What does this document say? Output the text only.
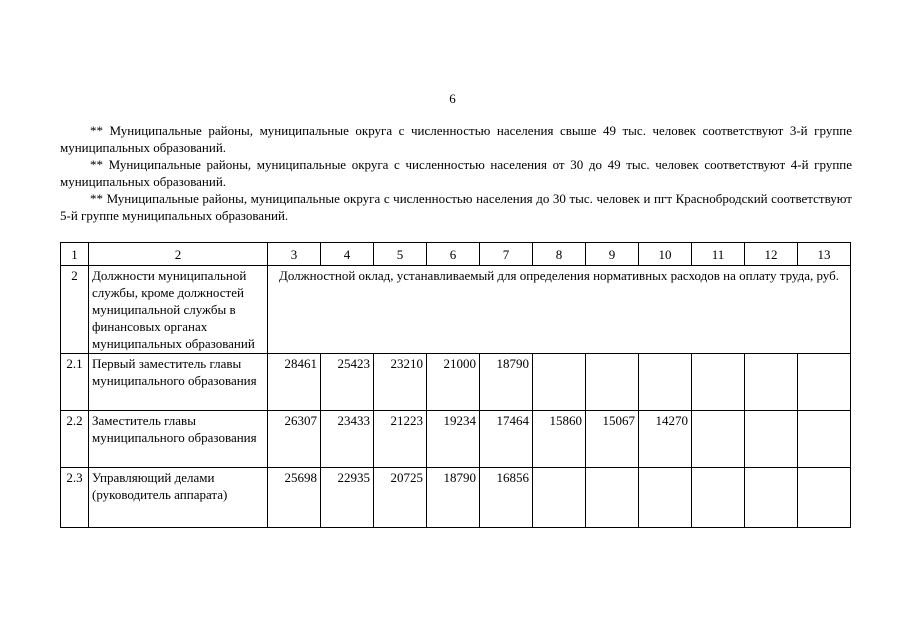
6

** Муниципальные районы, муниципальные округа с численностью населения свыше 49 тыс. человек соответствуют 3-й группе муниципальных образований.

** Муниципальные районы, муниципальные округа с численностью населения от 30 до 49 тыс. человек соответствуют 4-й группе муниципальных образований.

** Муниципальные районы, муниципальные округа с численностью населения до 30 тыс. человек и пгт Краснобродский соответствуют 5-й группе муниципальных образований.

1	2	3	4	5	6	7	8	9	10	11	12	13
2	Должности муниципальной службы, кроме должностей муниципальной службы в финансовых органах муниципальных образований	Должностной оклад, устанавливаемый для определения нормативных расходов на оплату труда, руб.										
2.1	Первый заместитель главы муниципального образования	28461	25423	23210	21000	18790						
2.2	Заместитель главы муниципального образования	26307	23433	21223	19234	17464	15860	15067	14270			
2.3	Управляющий делами (руководитель аппарата)	25698	22935	20725	18790	16856						
